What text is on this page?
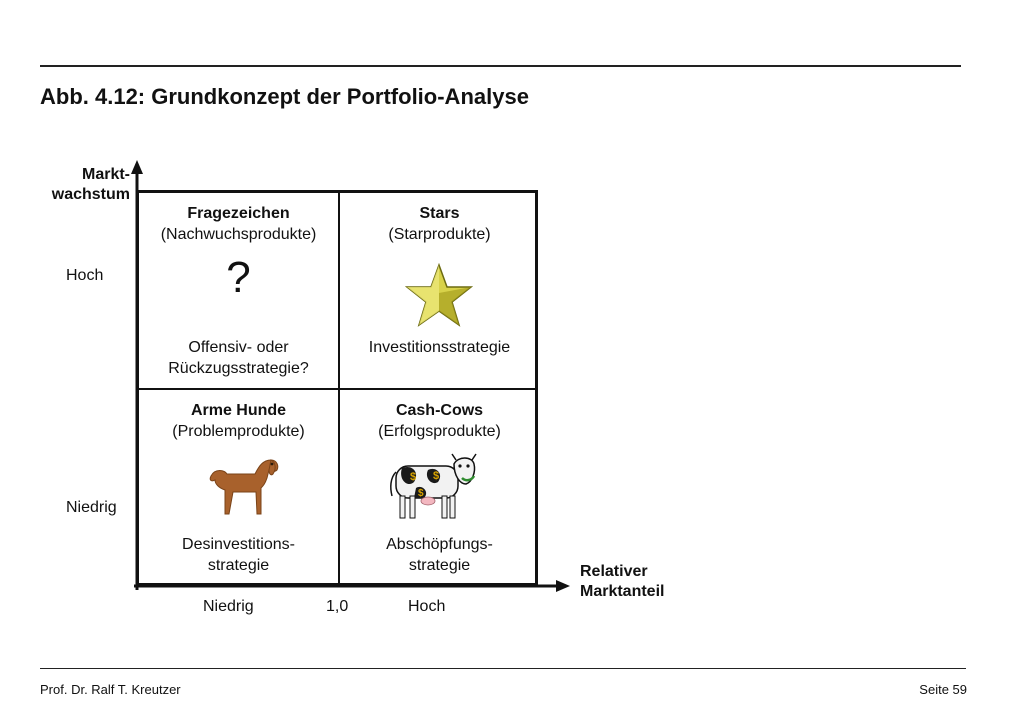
Abb. 4.12: Grundkonzept der Portfolio-Analyse
Markt-
wachstum
Hoch
Niedrig
Relativer
Marktanteil
Niedrig	1,0	Hoch
Fragezeichen
(Nachwuchsprodukte)
?
Offensiv- oder
Rückzugsstrategie?
Stars
(Starprodukte)
Investitionsstrategie
Arme Hunde
(Problemprodukte)
Desinvestitions-
strategie
Cash-Cows
(Erfolgsprodukte)
$ $
$
Abschöpfungs-
strategie
Prof. Dr. Ralf T. Kreutzer	Seite 59
